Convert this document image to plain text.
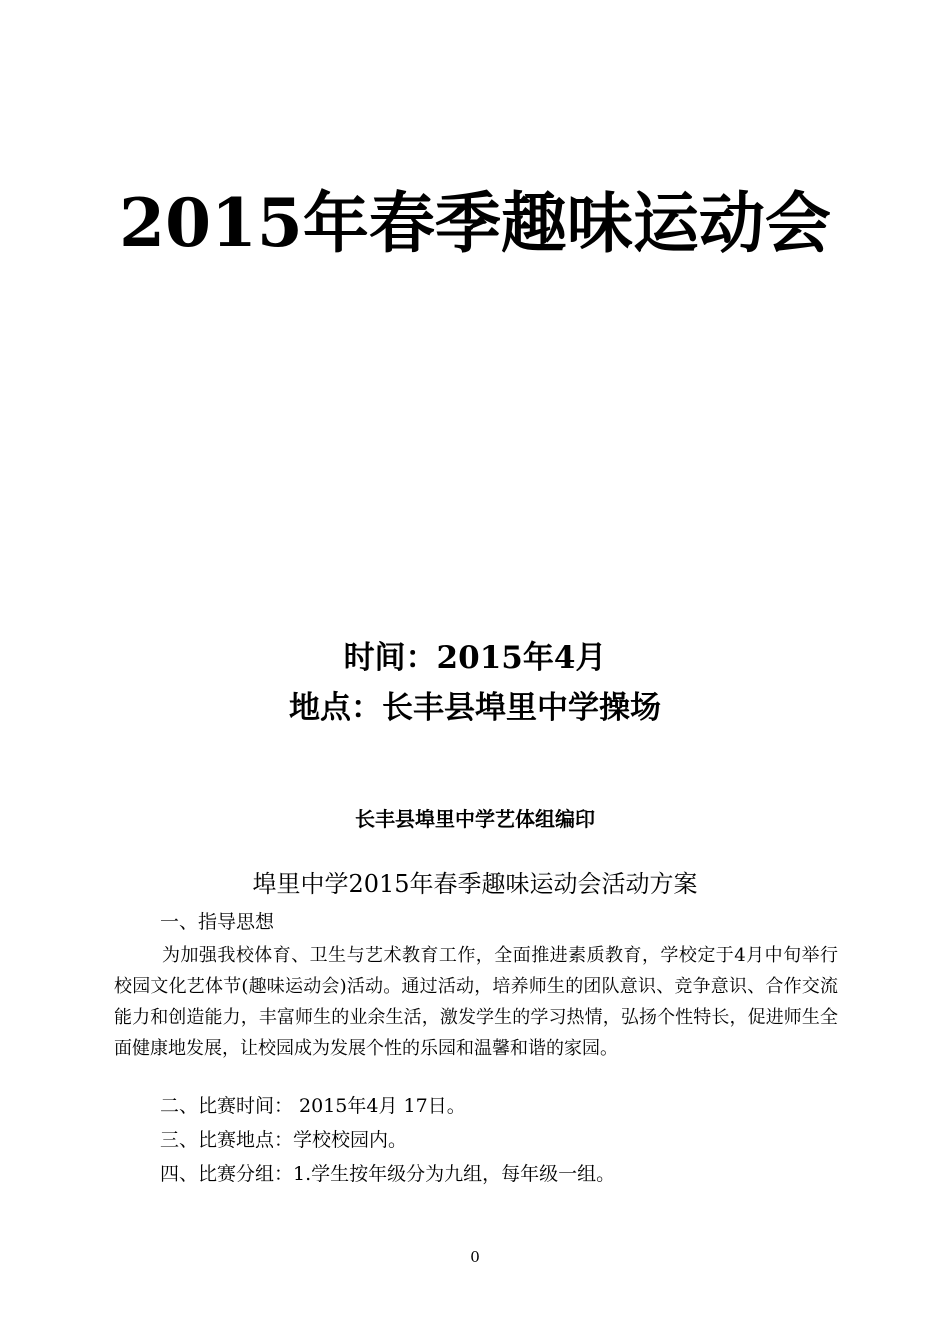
2015年春季趣味运动会
时间：2015年4月
地点：长丰县埠里中学操场
长丰县埠里中学艺体组编印
埠里中学2015年春季趣味运动会活动方案
一、指导思想
为加强我校体育、卫生与艺术教育工作，全面推进素质教育，学校定于4月中旬举行校园文化艺体节(趣味运动会)活动。通过活动，培养师生的团队意识、竞争意识、合作交流能力和创造能力，丰富师生的业余生活，激发学生的学习热情，弘扬个性特长，促进师生全面健康地发展，让校园成为发展个性的乐园和温馨和谐的家园。
二、比赛时间： 2015年4月 17日。
三、比赛地点：学校校园内。
四、比赛分组：1.学生按年级分为九组，每年级一组。
0
